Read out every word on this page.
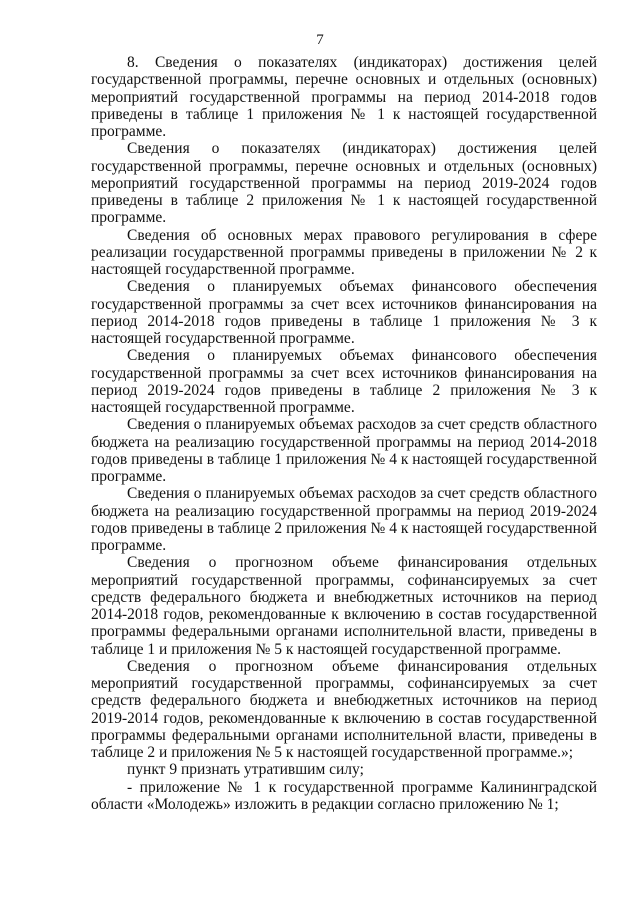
7

8. Сведения о показателях (индикаторах) достижения целей государственной программы, перечне основных и отдельных (основных) мероприятий государственной программы на период 2014-2018 годов приведены в таблице 1 приложения № 1 к настоящей государственной программе.

Сведения о показателях (индикаторах) достижения целей государственной программы, перечне основных и отдельных (основных) мероприятий государственной программы на период 2019-2024 годов приведены в таблице 2 приложения № 1 к настоящей государственной программе.

Сведения об основных мерах правового регулирования в сфере реализации государственной программы приведены в приложении № 2 к настоящей государственной программе.

Сведения о планируемых объемах финансового обеспечения государственной программы за счет всех источников финансирования на период 2014-2018 годов приведены в таблице 1 приложения № 3 к настоящей государственной программе.

Сведения о планируемых объемах финансового обеспечения государственной программы за счет всех источников финансирования на период 2019-2024 годов приведены в таблице 2 приложения № 3 к настоящей государственной программе.

Сведения о планируемых объемах расходов за счет средств областного бюджета на реализацию государственной программы на период 2014-2018 годов приведены в таблице 1 приложения № 4 к настоящей государственной программе.

Сведения о планируемых объемах расходов за счет средств областного бюджета на реализацию государственной программы на период 2019-2024 годов приведены в таблице 2 приложения № 4 к настоящей государственной программе.

Сведения о прогнозном объеме финансирования отдельных мероприятий государственной программы, софинансируемых за счет средств федерального бюджета и внебюджетных источников на период 2014-2018 годов, рекомендованные к включению в состав государственной программы федеральными органами исполнительной власти, приведены в таблице 1 и приложения № 5 к настоящей государственной программе.

Сведения о прогнозном объеме финансирования отдельных мероприятий государственной программы, софинансируемых за счет средств федерального бюджета и внебюджетных источников на период 2019-2014 годов, рекомендованные к включению в состав государственной программы федеральными органами исполнительной власти, приведены в таблице 2 и приложения № 5 к настоящей государственной программе.»;

пункт 9 признать утратившим силу;

- приложение № 1 к государственной программе Калининградской области «Молодежь» изложить в редакции согласно приложению № 1;
